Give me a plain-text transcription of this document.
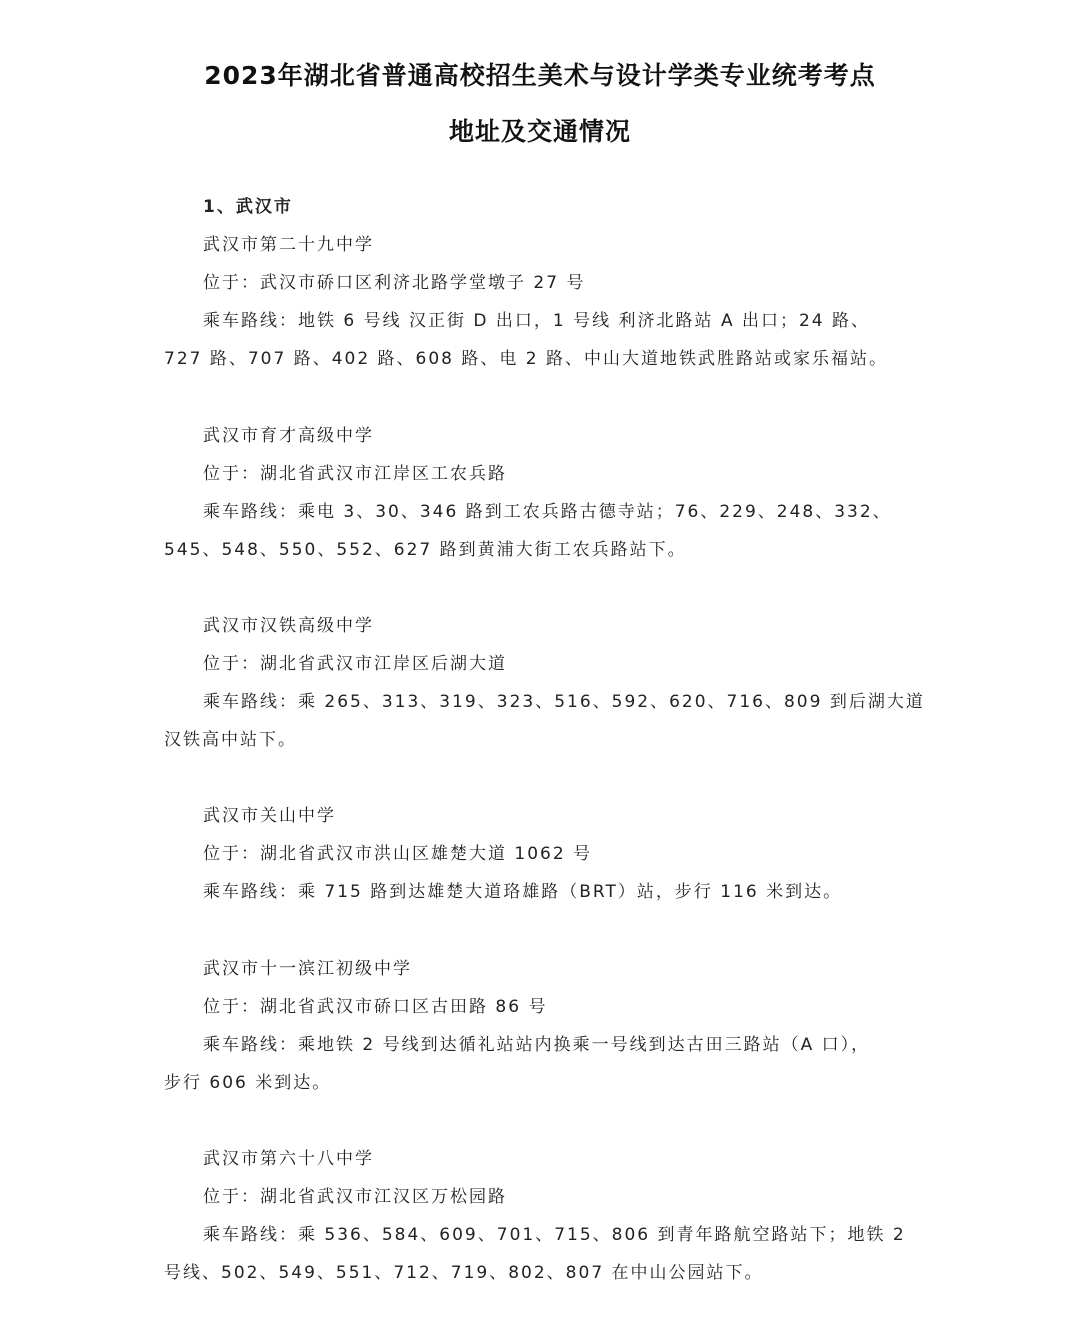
2023年湖北省普通高校招生美术与设计学类专业统考考点
地址及交通情况

1、武汉市

武汉市第二十九中学

位于：武汉市硚口区利济北路学堂墩子 27 号

乘车路线：地铁 6 号线 汉正街 D 出口，1 号线 利济北路站 A 出口；24 路、

727 路、707 路、402 路、608 路、电 2 路、中山大道地铁武胜路站或家乐福站。

武汉市育才高级中学

位于：湖北省武汉市江岸区工农兵路

乘车路线：乘电 3、30、346 路到工农兵路古德寺站；76、229、248、332、

545、548、550、552、627 路到黄浦大街工农兵路站下。

武汉市汉铁高级中学

位于：湖北省武汉市江岸区后湖大道

乘车路线：乘 265、313、319、323、516、592、620、716、809 到后湖大道

汉铁高中站下。

武汉市关山中学

位于：湖北省武汉市洪山区雄楚大道 1062 号

乘车路线：乘 715 路到达雄楚大道珞雄路（BRT）站，步行 116 米到达。

武汉市十一滨江初级中学

位于：湖北省武汉市硚口区古田路 86 号

乘车路线：乘地铁 2 号线到达循礼站站内换乘一号线到达古田三路站（A 口），

步行 606 米到达。

武汉市第六十八中学

位于：湖北省武汉市江汉区万松园路

乘车路线：乘 536、584、609、701、715、806 到青年路航空路站下；地铁 2

号线、502、549、551、712、719、802、807 在中山公园站下。
